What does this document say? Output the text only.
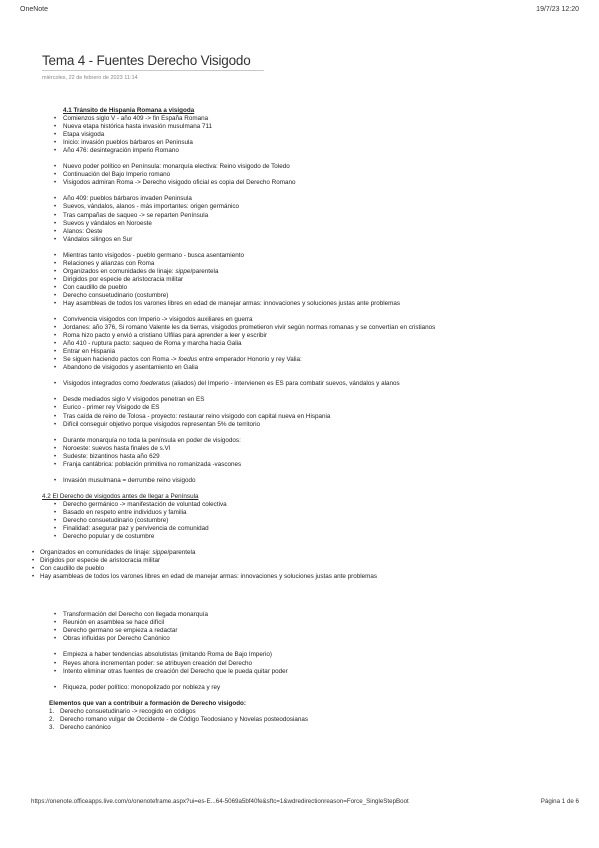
OneNote	19/7/23 12:20
Tema 4 - Fuentes Derecho Visigodo
miércoles, 22 de febrero de 2023 11:14
4.1 Tránsito de Hispania Romana a visigoda
• Comienzos siglo V - año 409 -> fin España Romana
• Nueva etapa histórica hasta invasión musulmana 711
• Etapa visigoda
• Inicio: invasión pueblos bárbaros en Peninsula
• Año 476: desintegración imperio Romano
• Nuevo poder político en Península: monarquía electiva: Reino visigodo de Toledo
• Continuación del Bajo Imperio romano
• Visigodos admiran Roma -> Derecho visigodo oficial es copia del Derecho Romano
• Año 409: pueblos bárbaros invaden Peninsula
• Suevos, vándalos, alanos - más importantes: origen germánico
• Tras campañas de saqueo -> se reparten Península
• Suevos y vándalos en Noroeste
• Alanos: Oeste
• Vándalos silingos en Sur
• Mientras tanto visigodos - pueblo germano - busca asentamiento
• Relaciones y alianzas con Roma
• Organizados en comunidades de linaje: sippe/parentela
• Dirigidos por especie de aristocracia militar
• Con caudillo de pueblo
• Derecho consuetudinario (costumbre)
• Hay asambleas de todos los varones libres en edad de manejar armas: innovaciones y soluciones justas ante problemas
• Convivencia visigodos con Imperio -> visigodos auxiliares en guerra
• Jordanes: año 376, Si romano Valente les da tierras, visigodos prometieron vivir según normas romanas y se convertían en cristianos
• Roma hizo pacto y envió a cristiano Ulfilas para aprender a leer y escribir
• Año 410 - ruptura pacto: saqueo de Roma y marcha hacia Galia
• Entrar en Hispania
• Se siguen haciendo pactos con Roma -> foedus entre emperador Honorio y rey Valia:
• Abandono de visigodos y asentamiento en Galia
• Visigodos integrados como foederatus (aliados) del Imperio - intervienen es ES para combatir suevos, vándalos y alanos
• Desde mediados siglo V visigodos penetran en ES
• Eurico - primer rey Visigodo de ES
• Tras caída de reino de Tolosa - proyecto: restaurar reino visigodo con capital nueva en Hispania
• Difícil conseguir objetivo porque visigodos representan 5% de territorio
• Durante monarquía no toda la península en poder de visigodos:
• Noroeste: suevos hasta finales de s.VI
• Sudeste: bizantinos hasta año 629
• Franja cantábrica: población primitiva no romanizada -vascones
• Invasión musulmana = derrumbe reino visigodo
4.2 El Derecho de visigodos antes de llegar a Península
• Derecho germánico -> manifestación de voluntad colectiva
• Basado en respeto entre individuos y familia
• Derecho consuetudinario (costumbre)
• Finalidad: asegurar paz y pervivencia de comunidad
• Derecho popular y de costumbre
• Organizados en comunidades de linaje: sippe/parentela
• Dirigidos por especie de aristocracia militar
• Con caudillo de pueblo
• Hay asambleas de todos los varones libres en edad de manejar armas: innovaciones y soluciones justas ante problemas
• Transformación del Derecho con llegada monarquía
• Reunión en asamblea se hace difícil
• Derecho germano se empieza a redactar
• Obras influidas por Derecho Canónico
• Empieza a haber tendencias absolutistas (imitando Roma de Bajo Imperio)
• Reyes ahora incrementan poder: se atribuyen creación del Derecho
• Intento eliminar otras fuentes de creación del Derecho que le pueda quitar poder
• Riqueza, poder político: monopolizado por nobleza y rey
Elementos que van a contribuir a formación de Derecho visigodo:
1. Derecho consuetudinario -> recogido en códigos
2. Derecho romano vulgar de Occidente - de Código Teodosiano y Novelas posteodosianas
3. Derecho canónico
https://onenote.officeapps.live.com/o/onenoteframe.aspx?ui=es-E...64-5069a5bf40fe&sftc=1&wdredirectionreason=Force_SingleStepBoot	Página 1 de 6
